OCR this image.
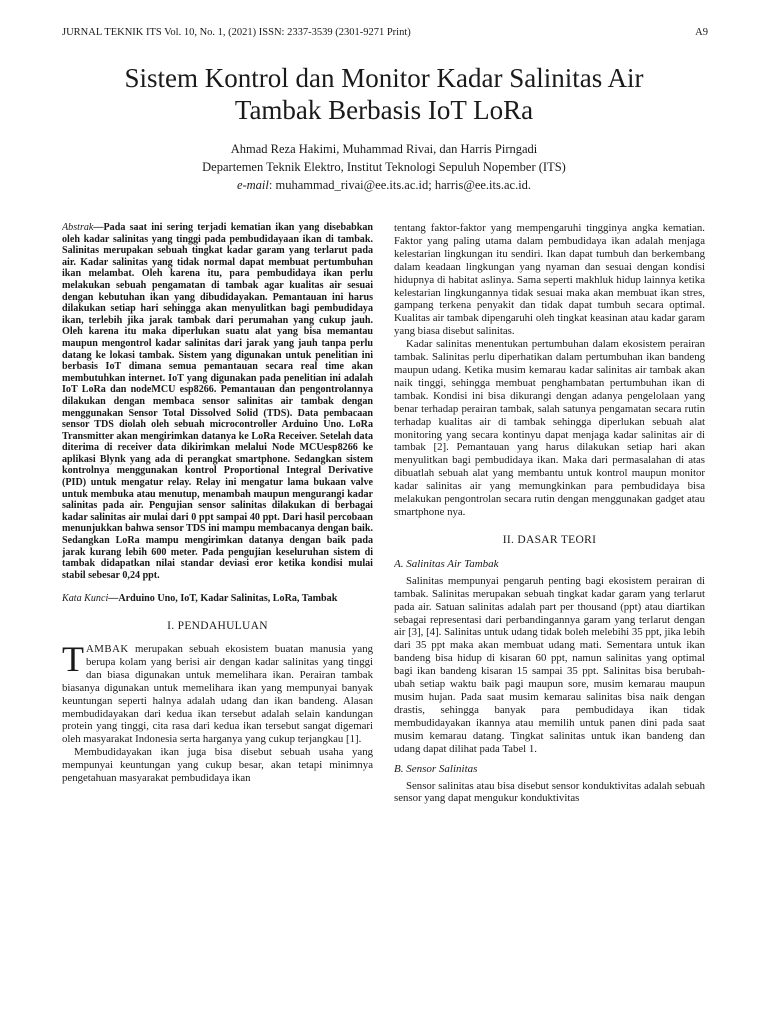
JURNAL TEKNIK ITS Vol. 10, No. 1, (2021) ISSN: 2337-3539 (2301-9271 Print)	A9
Sistem Kontrol dan Monitor Kadar Salinitas Air
Tambak Berbasis IoT LoRa
Ahmad Reza Hakimi, Muhammad Rivai, dan Harris Pirngadi
Departemen Teknik Elektro, Institut Teknologi Sepuluh Nopember (ITS)
e-mail: muhammad_rivai@ee.its.ac.id; harris@ee.its.ac.id.

Abstrak—Pada saat ini sering terjadi kematian ikan yang disebabkan oleh kadar salinitas yang tinggi pada pembudidayaan ikan di tambak. Salinitas merupakan sebuah tingkat kadar garam yang terlarut pada air. Kadar salinitas yang tidak normal dapat membuat pertumbuhan ikan melambat. Oleh karena itu, para pembudidaya ikan perlu melakukan sebuah pengamatan di tambak agar kualitas air sesuai dengan kebutuhan ikan yang dibudidayakan. Pemantauan ini harus dilakukan setiap hari sehingga akan menyulitkan bagi pembudidaya ikan, terlebih jika jarak tambak dari perumahan yang cukup jauh. Oleh karena itu maka diperlukan suatu alat yang bisa memantau maupun mengontrol kadar salinitas dari jarak yang jauh tanpa perlu datang ke lokasi tambak. Sistem yang digunakan untuk penelitian ini berbasis IoT dimana semua pemantauan secara real time akan membutuhkan internet. IoT yang digunakan pada penelitian ini adalah IoT LoRa dan nodeMCU esp8266. Pemantauan dan pengontrolannya dilakukan dengan membaca sensor salinitas air tambak dengan menggunakan Sensor Total Dissolved Solid (TDS). Data pembacaan sensor TDS diolah oleh sebuah microcontroller Arduino Uno. LoRa Transmitter akan mengirimkan datanya ke LoRa Receiver. Setelah data diterima di receiver data dikirimkan melalui Node MCUesp8266 ke aplikasi Blynk yang ada di perangkat smartphone. Sedangkan sistem kontrolnya menggunakan kontrol Proportional Integral Derivative (PID) untuk mengatur relay. Relay ini mengatur lama bukaan valve untuk membuka atau menutup, menambah maupun mengurangi kadar salinitas pada air. Pengujian sensor salinitas dilakukan di berbagai kadar salinitas air mulai dari 0 ppt sampai 40 ppt. Dari hasil percobaan menunjukkan bahwa sensor TDS ini mampu membacanya dengan baik. Sedangkan LoRa mampu mengirimkan datanya dengan baik pada jarak kurang lebih 600 meter. Pada pengujian keseluruhan sistem di tambak didapatkan nilai standar deviasi eror ketika kondisi mulai stabil sebesar 0,24 ppt.

Kata Kunci—Arduino Uno, IoT, Kadar Salinitas, LoRa, Tambak

I. PENDAHULUAN

TAMBAK merupakan sebuah ekosistem buatan manusia yang berupa kolam yang berisi air dengan kadar salinitas yang tinggi dan biasa digunakan untuk memelihara ikan. Perairan tambak biasanya digunakan untuk memelihara ikan yang mempunyai banyak keuntungan seperti halnya adalah udang dan ikan bandeng. Alasan membudidayakan dari kedua ikan tersebut adalah selain kandungan protein yang tinggi, cita rasa dari kedua ikan tersebut sangat digemari oleh masyarakat Indonesia serta harganya yang cukup terjangkau [1].

Membudidayakan ikan juga bisa disebut sebuah usaha yang mempunyai keuntungan yang cukup besar, akan tetapi minimnya pengetahuan masyarakat pembudidaya ikan

tentang faktor-faktor yang mempengaruhi tingginya angka kematian. Faktor yang paling utama dalam pembudidaya ikan adalah menjaga kelestarian lingkungan itu sendiri. Ikan dapat tumbuh dan berkembang dalam keadaan lingkungan yang nyaman dan sesuai dengan kondisi hidupnya di habitat aslinya. Sama seperti makhluk hidup lainnya ketika kelestarian lingkungannya tidak sesuai maka akan membuat ikan stres, gampang terkena penyakit dan tidak dapat tumbuh secara optimal. Kualitas air tambak dipengaruhi oleh tingkat keasinan atau kadar garam yang biasa disebut salinitas.

Kadar salinitas menentukan pertumbuhan dalam ekosistem perairan tambak. Salinitas perlu diperhatikan dalam pertumbuhan ikan bandeng maupun udang. Ketika musim kemarau kadar salinitas air tambak akan naik tinggi, sehingga membuat penghambatan pertumbuhan ikan di tambak. Kondisi ini bisa dikurangi dengan adanya pengelolaan yang benar terhadap perairan tambak, salah satunya pengamatan secara rutin terhadap kualitas air di tambak sehingga diperlukan sebuah alat monitoring yang secara kontinyu dapat menjaga kadar salinitas air di tambak [2]. Pemantauan yang harus dilakukan setiap hari akan menyulitkan bagi pembudidaya ikan. Maka dari permasalahan di atas dibuatlah sebuah alat yang membantu untuk kontrol maupun monitor kadar salinitas air yang memungkinkan para pembudidaya bisa melakukan pengontrolan secara rutin dengan menggunakan gadget atau smartphone nya.

II. DASAR TEORI
A. Salinitas Air Tambak

Salinitas mempunyai pengaruh penting bagi ekosistem perairan di tambak. Salinitas merupakan sebuah tingkat kadar garam yang terlarut pada air. Satuan salinitas adalah part per thousand (ppt) atau diartikan sebagai representasi dari perbandingannya garam yang terlarut dengan air [3], [4]. Salinitas untuk udang tidak boleh melebihi 35 ppt, jika lebih dari 35 ppt maka akan membuat udang mati. Sementara untuk ikan bandeng bisa hidup di kisaran 60 ppt, namun salinitas yang optimal bagi ikan bandeng kisaran 15 sampai 35 ppt. Salinitas bisa berubah-ubah setiap waktu baik pagi maupun sore, musim kemarau maupun musim hujan. Pada saat musim kemarau salinitas bisa naik dengan drastis, sehingga banyak para pembudidaya ikan tidak membudidayakan ikannya atau memilih untuk panen dini pada saat musim kemarau datang. Tingkat salinitas untuk ikan bandeng dan udang dapat dilihat pada Tabel 1.

B. Sensor Salinitas

Sensor salinitas atau bisa disebut sensor konduktivitas adalah sebuah sensor yang dapat mengukur konduktivitas
